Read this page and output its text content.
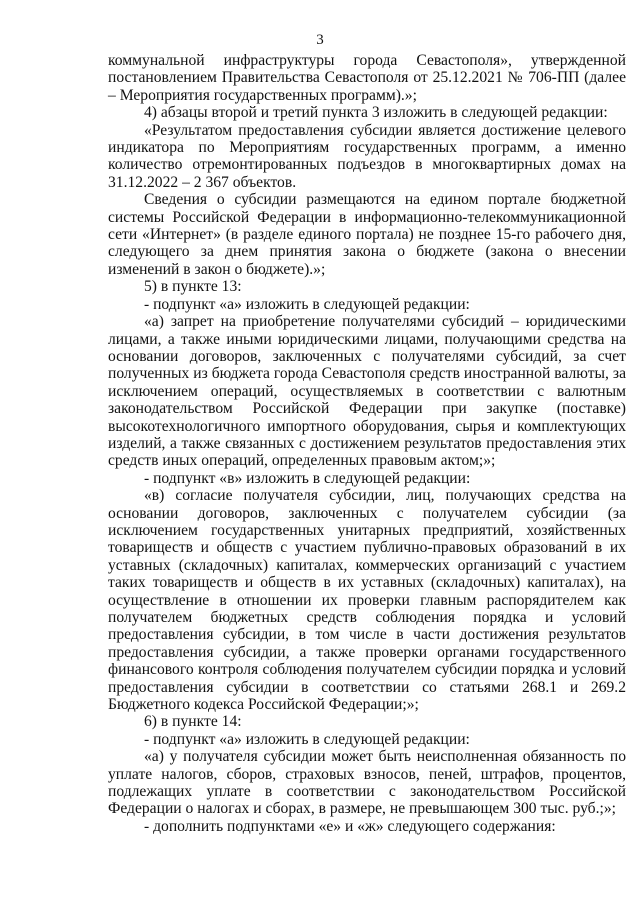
3

коммунальной инфраструктуры города Севастополя», утвержденной постановлением Правительства Севастополя от 25.12.2021 № 706-ПП (далее – Мероприятия государственных программ).»;

4) абзацы второй и третий пункта 3 изложить в следующей редакции:

«Результатом предоставления субсидии является достижение целевого индикатора по Мероприятиям государственных программ, а именно количество отремонтированных подъездов в многоквартирных домах на 31.12.2022 – 2 367 объектов.

Сведения о субсидии размещаются на едином портале бюджетной системы Российской Федерации в информационно-телекоммуникационной сети «Интернет» (в разделе единого портала) не позднее 15-го рабочего дня, следующего за днем принятия закона о бюджете (закона о внесении изменений в закон о бюджете).»;

5) в пункте 13:

- подпункт «а» изложить в следующей редакции:

«а) запрет на приобретение получателями субсидий – юридическими лицами, а также иными юридическими лицами, получающими средства на основании договоров, заключенных с получателями субсидий, за счет полученных из бюджета города Севастополя средств иностранной валюты, за исключением операций, осуществляемых в соответствии с валютным законодательством Российской Федерации при закупке (поставке) высокотехнологичного импортного оборудования, сырья и комплектующих изделий, а также связанных с достижением результатов предоставления этих средств иных операций, определенных правовым актом;»;

- подпункт «в» изложить в следующей редакции:

«в) согласие получателя субсидии, лиц, получающих средства на основании договоров, заключенных с получателем субсидии (за исключением государственных унитарных предприятий, хозяйственных товариществ и обществ с участием публично-правовых образований в их уставных (складочных) капиталах, коммерческих организаций с участием таких товариществ и обществ в их уставных (складочных) капиталах), на осуществление в отношении их проверки главным распорядителем как получателем бюджетных средств соблюдения порядка и условий предоставления субсидии, в том числе в части достижения результатов предоставления субсидии, а также проверки органами государственного финансового контроля соблюдения получателем субсидии порядка и условий предоставления субсидии в соответствии со статьями 268.1 и 269.2 Бюджетного кодекса Российской Федерации;»;

6) в пункте 14:

- подпункт «а» изложить в следующей редакции:

«а) у получателя субсидии может быть неисполненная обязанность по уплате налогов, сборов, страховых взносов, пеней, штрафов, процентов, подлежащих уплате в соответствии с законодательством Российской Федерации о налогах и сборах, в размере, не превышающем 300 тыс. руб.;»;

- дополнить подпунктами «е» и «ж» следующего содержания:
